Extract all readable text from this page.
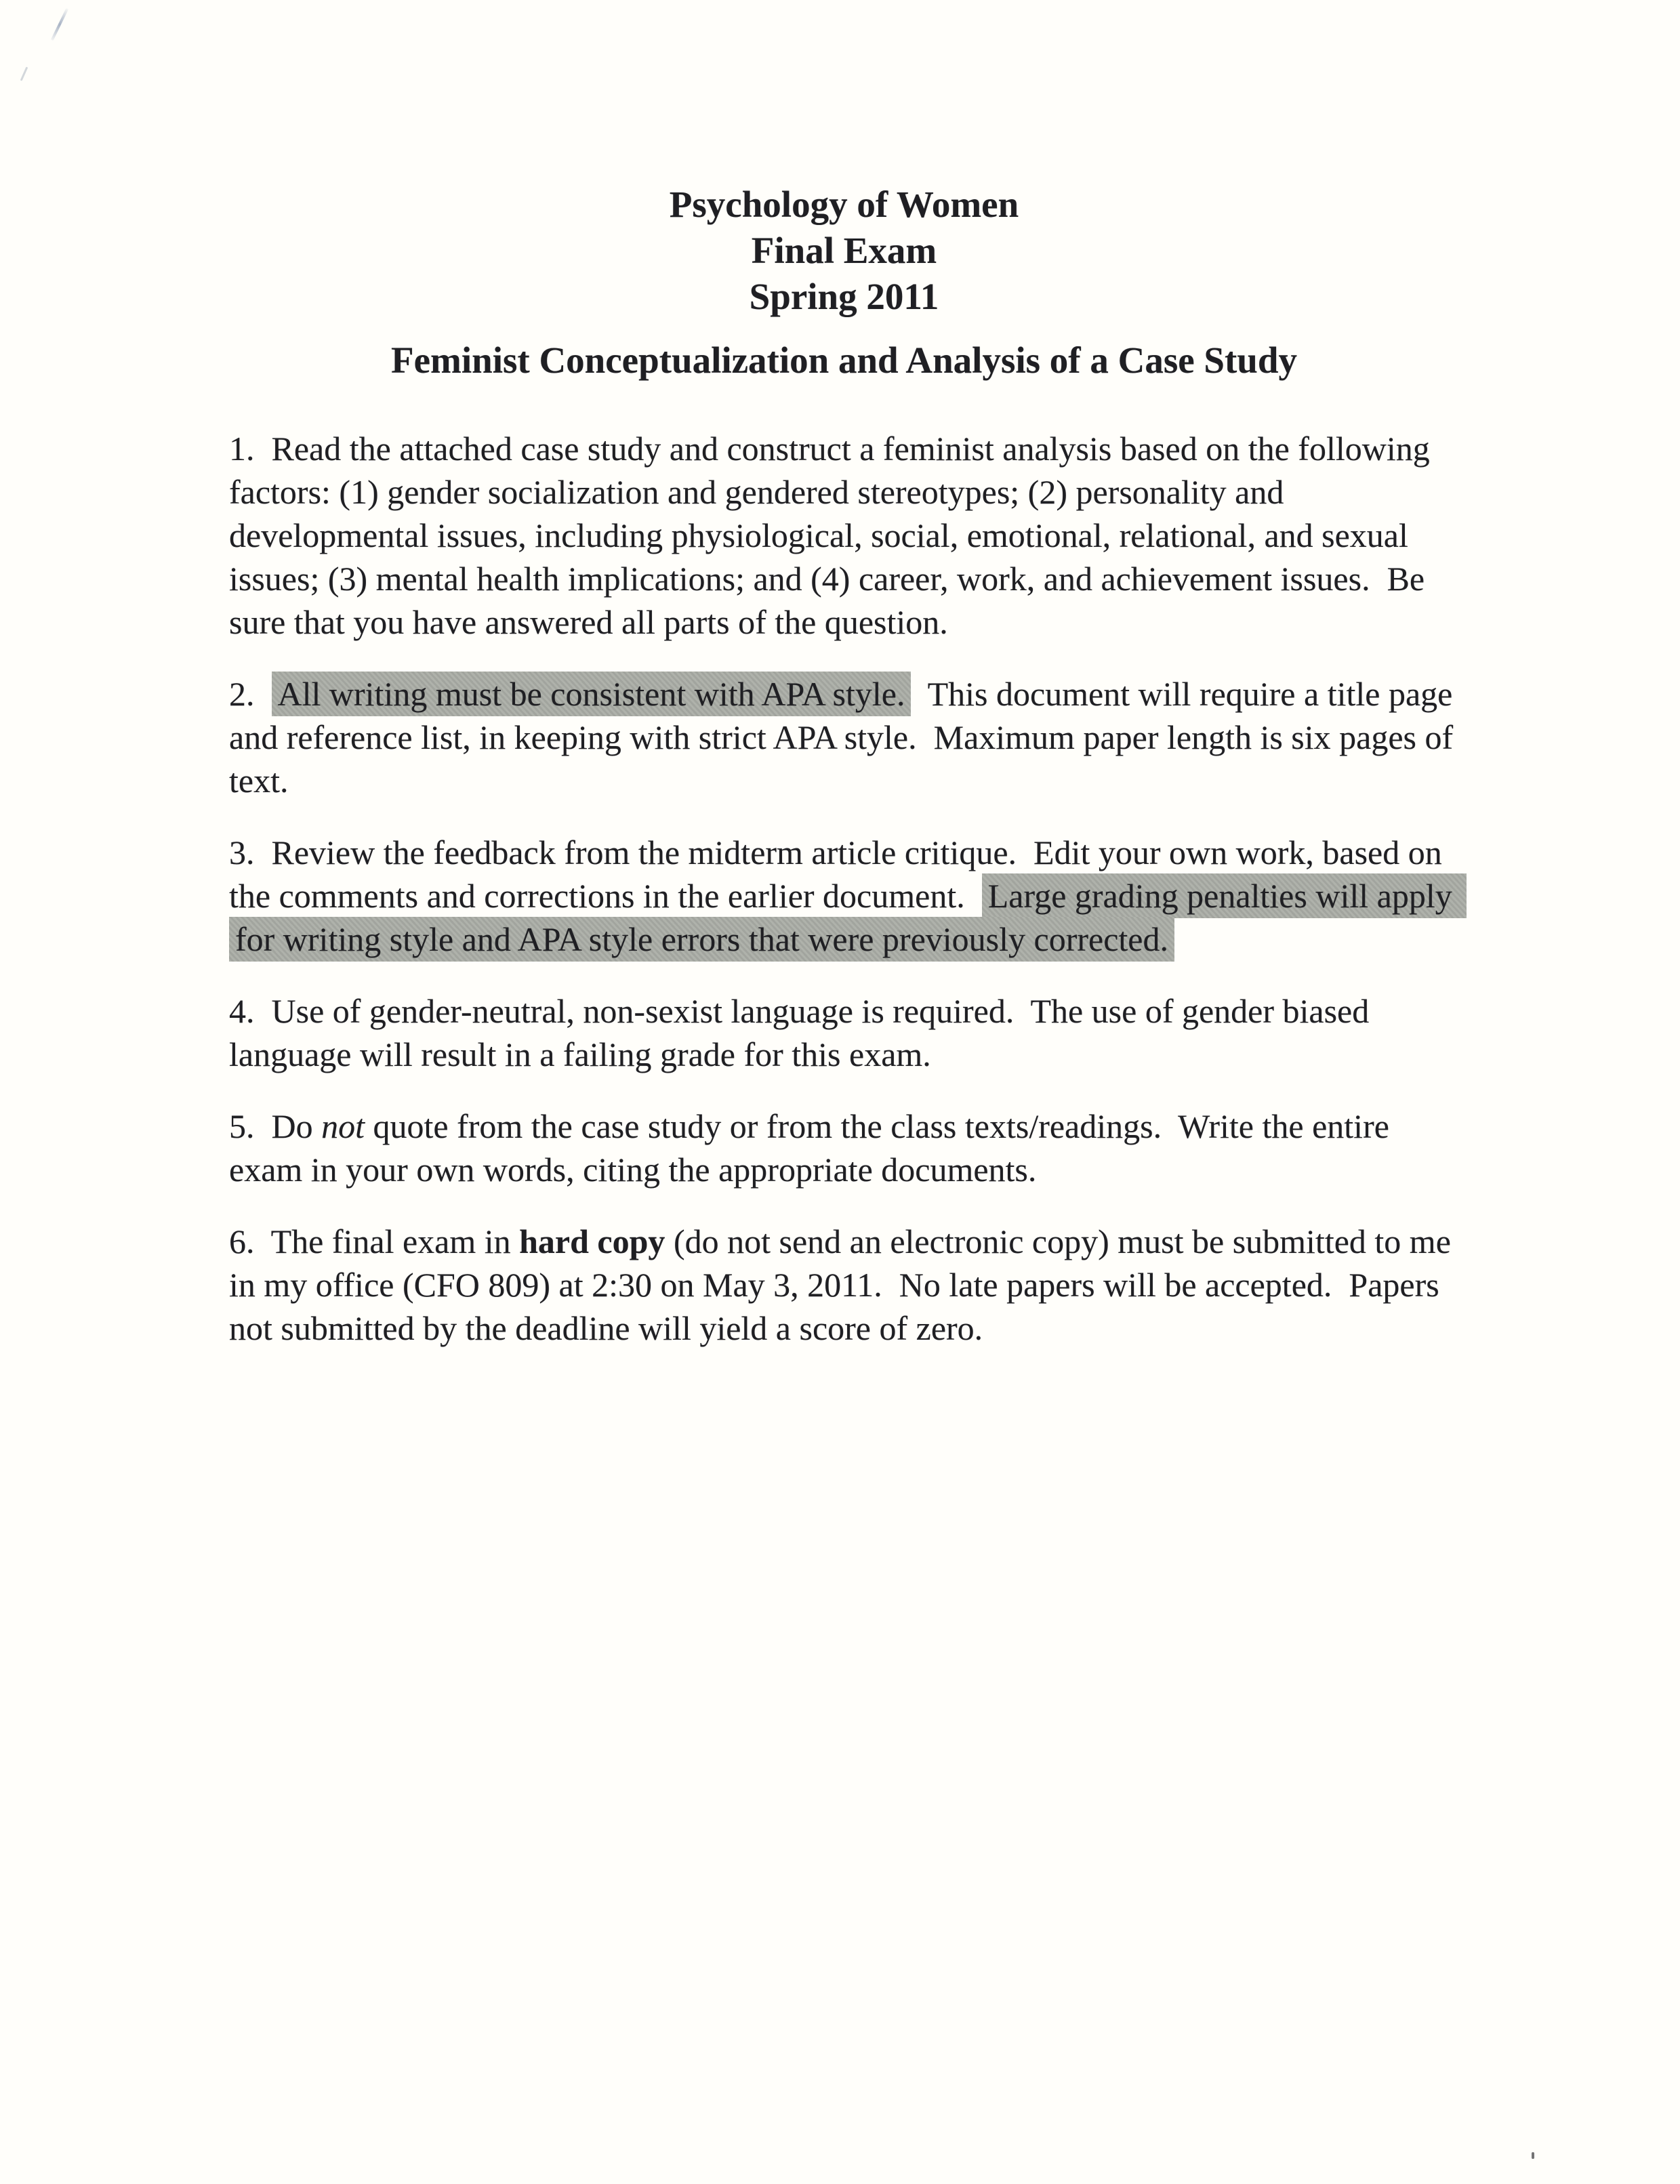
Psychology of Women
Final Exam
Spring 2011
Feminist Conceptualization and Analysis of a Case Study

1.  Read the attached case study and construct a feminist analysis based on the following factors: (1) gender socialization and gendered stereotypes; (2) personality and developmental issues, including physiological, social, emotional, relational, and sexual issues; (3) mental health implications; and (4) career, work, and achievement issues.  Be sure that you have answered all parts of the question.

2.  All writing must be consistent with APA style.  This document will require a title page and reference list, in keeping with strict APA style.  Maximum paper length is six pages of text.

3.  Review the feedback from the midterm article critique.  Edit your own work, based on the comments and corrections in the earlier document.  Large grading penalties will apply for writing style and APA style errors that were previously corrected.

4.  Use of gender-neutral, non-sexist language is required.  The use of gender biased language will result in a failing grade for this exam.

5.  Do not quote from the case study or from the class texts/readings.  Write the entire exam in your own words, citing the appropriate documents.

6.  The final exam in hard copy (do not send an electronic copy) must be submitted to me in my office (CFO 809) at 2:30 on May 3, 2011.  No late papers will be accepted.  Papers not submitted by the deadline will yield a score of zero.
